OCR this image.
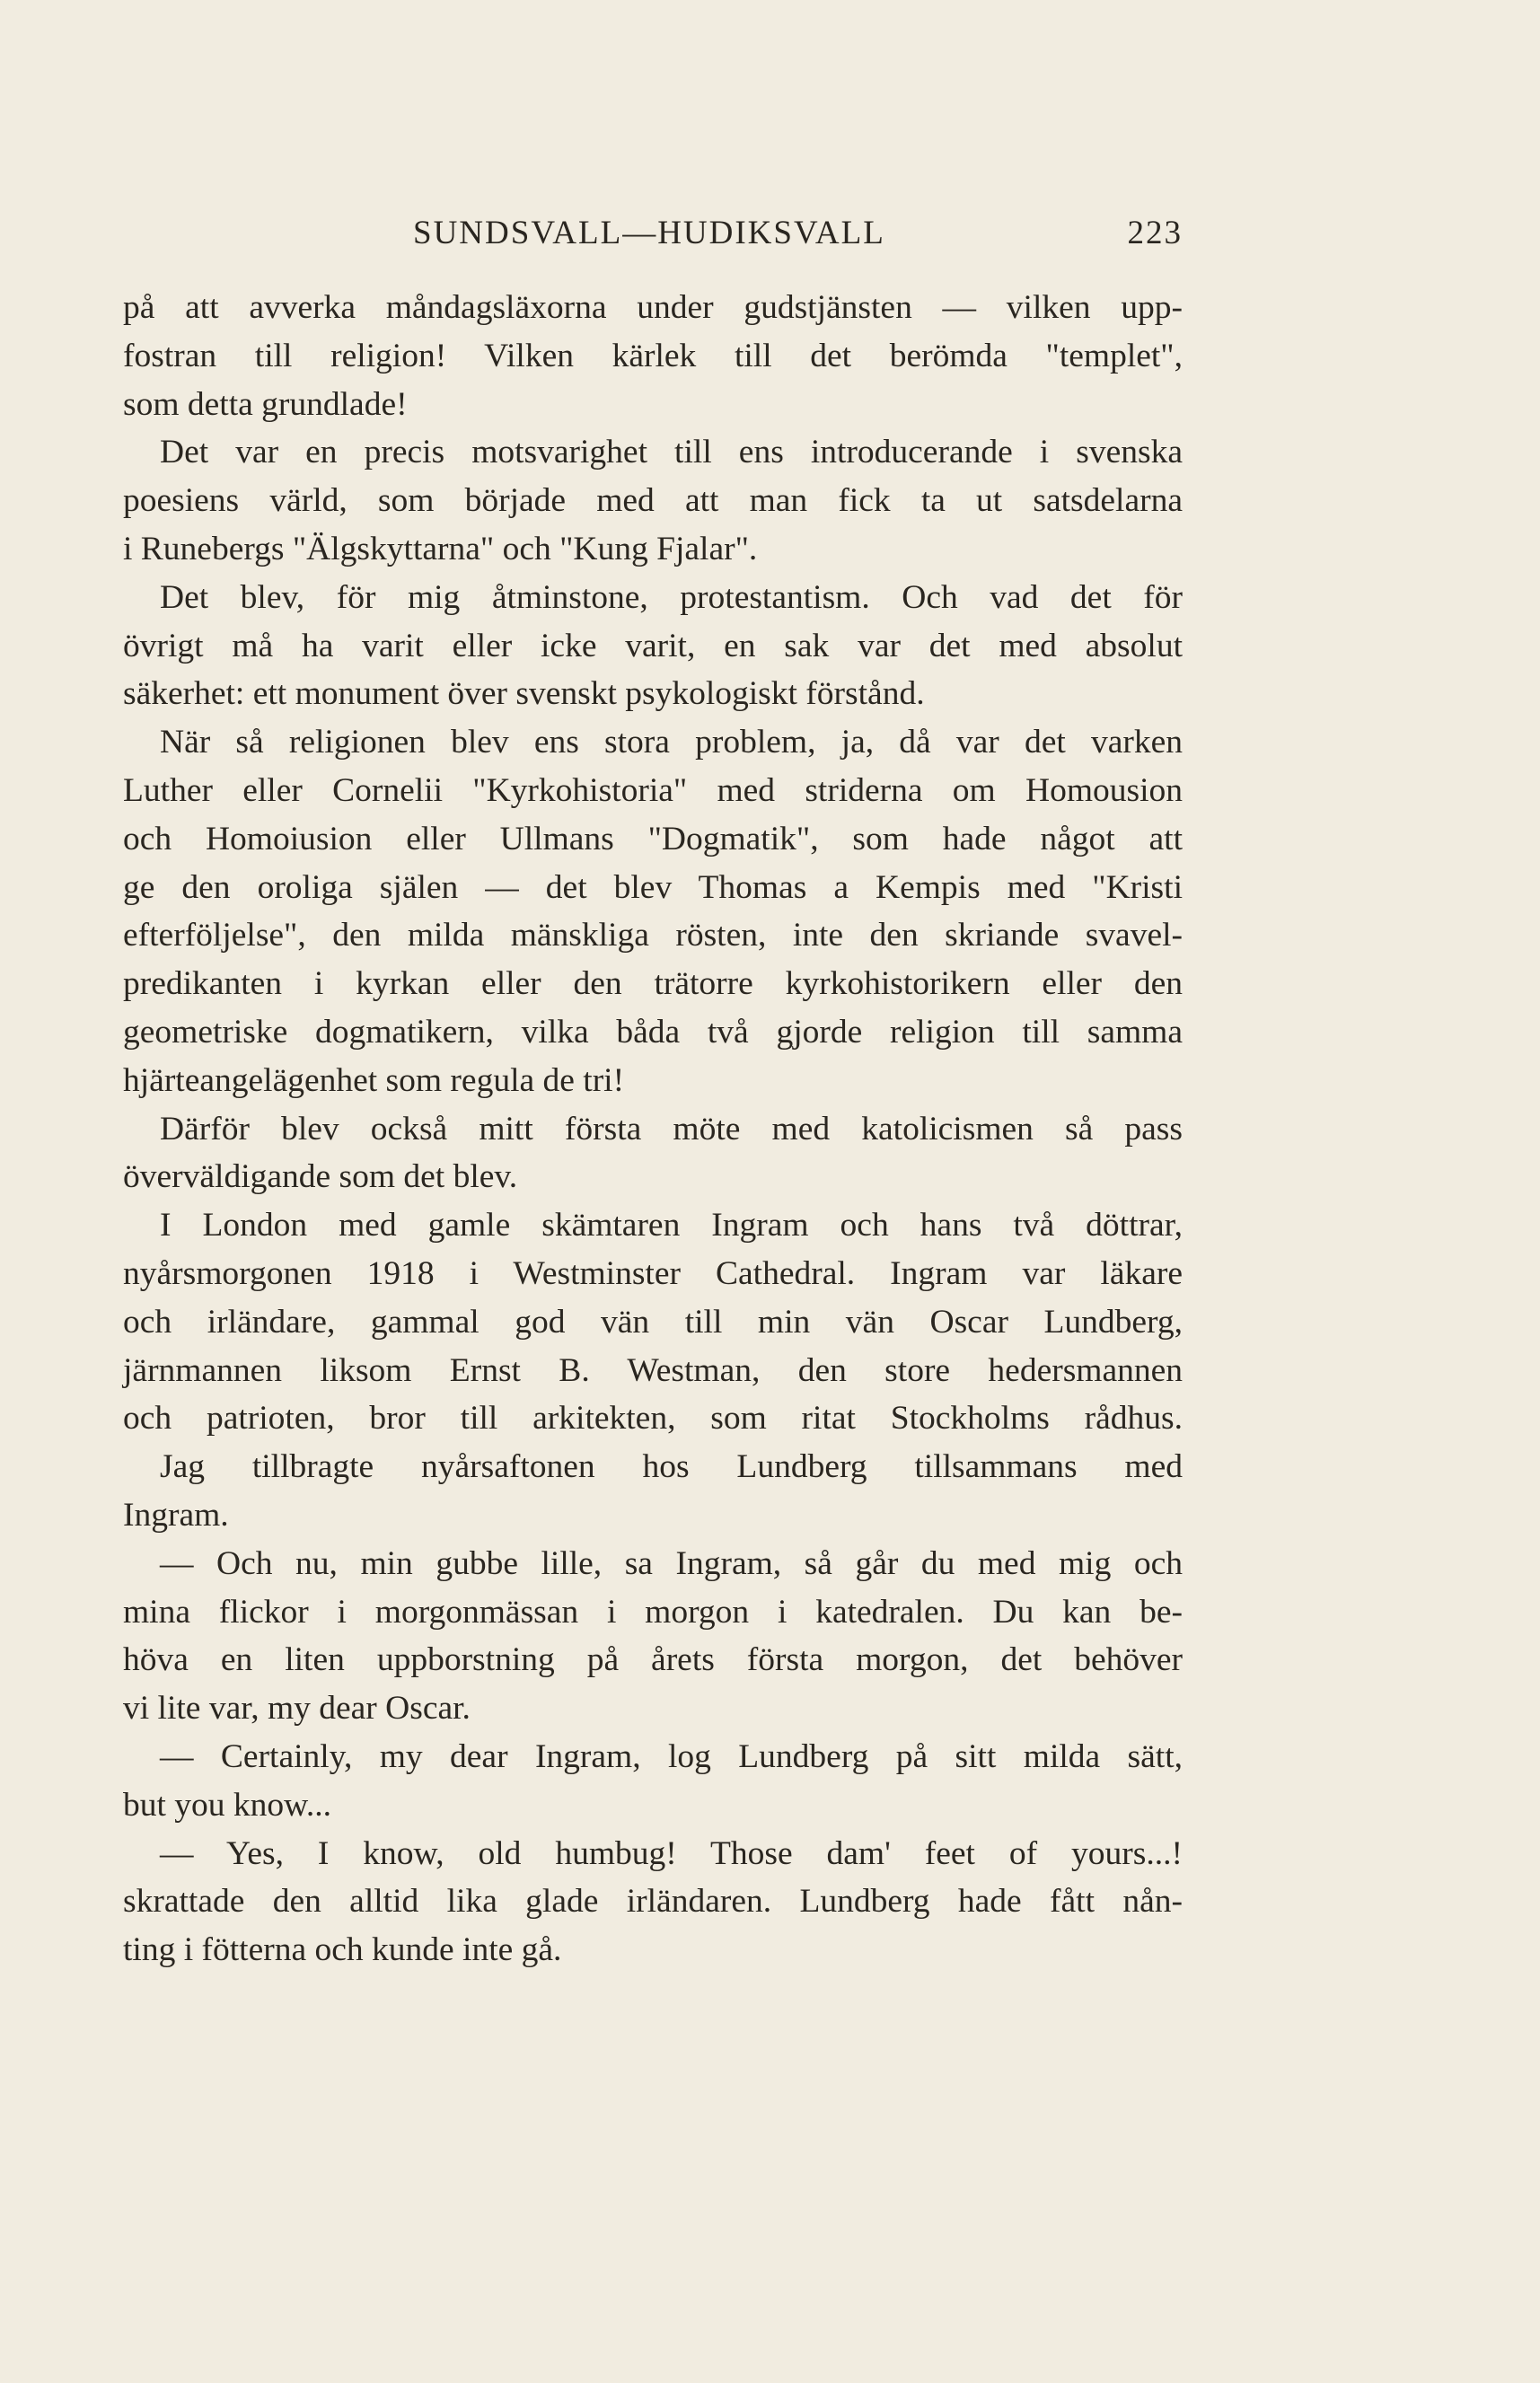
SUNDSVALL—HUDIKSVALL	223
på att avverka måndagsläxorna under gudstjänsten — vilken upp-
fostran till religion! Vilken kärlek till det berömda "templet",
som detta grundlade!
Det var en precis motsvarighet till ens introducerande i svenska
poesiens värld, som började med att man fick ta ut satsdelarna
i Runebergs "Älgskyttarna" och "Kung Fjalar".
Det blev, för mig åtminstone, protestantism. Och vad det för
övrigt må ha varit eller icke varit, en sak var det med absolut
säkerhet: ett monument över svenskt psykologiskt förstånd.
När så religionen blev ens stora problem, ja, då var det varken
Luther eller Cornelii "Kyrkohistoria" med striderna om Homousion
och Homoiusion eller Ullmans "Dogmatik", som hade något att
ge den oroliga själen — det blev Thomas a Kempis med "Kristi
efterföljelse", den milda mänskliga rösten, inte den skriande svavel-
predikanten i kyrkan eller den trätorre kyrkohistorikern eller den
geometriske dogmatikern, vilka båda två gjorde religion till samma
hjärteangelägenhet som regula de tri!
Därför blev också mitt första möte med katolicismen så pass
överväldigande som det blev.
I London med gamle skämtaren Ingram och hans två döttrar,
nyårsmorgonen 1918 i Westminster Cathedral. Ingram var läkare
och irländare, gammal god vän till min vän Oscar Lundberg,
järnmannen liksom Ernst B. Westman, den store hedersmannen
och patrioten, bror till arkitekten, som ritat Stockholms rådhus.
Jag tillbragte nyårsaftonen hos Lundberg tillsammans med
Ingram.
— Och nu, min gubbe lille, sa Ingram, så går du med mig och
mina flickor i morgonmässan i morgon i katedralen. Du kan be-
höva en liten uppborstning på årets första morgon, det behöver
vi lite var, my dear Oscar.
— Certainly, my dear Ingram, log Lundberg på sitt milda sätt,
but you know...
— Yes, I know, old humbug! Those dam' feet of yours...!
skrattade den alltid lika glade irländaren. Lundberg hade fått nån-
ting i fötterna och kunde inte gå.
